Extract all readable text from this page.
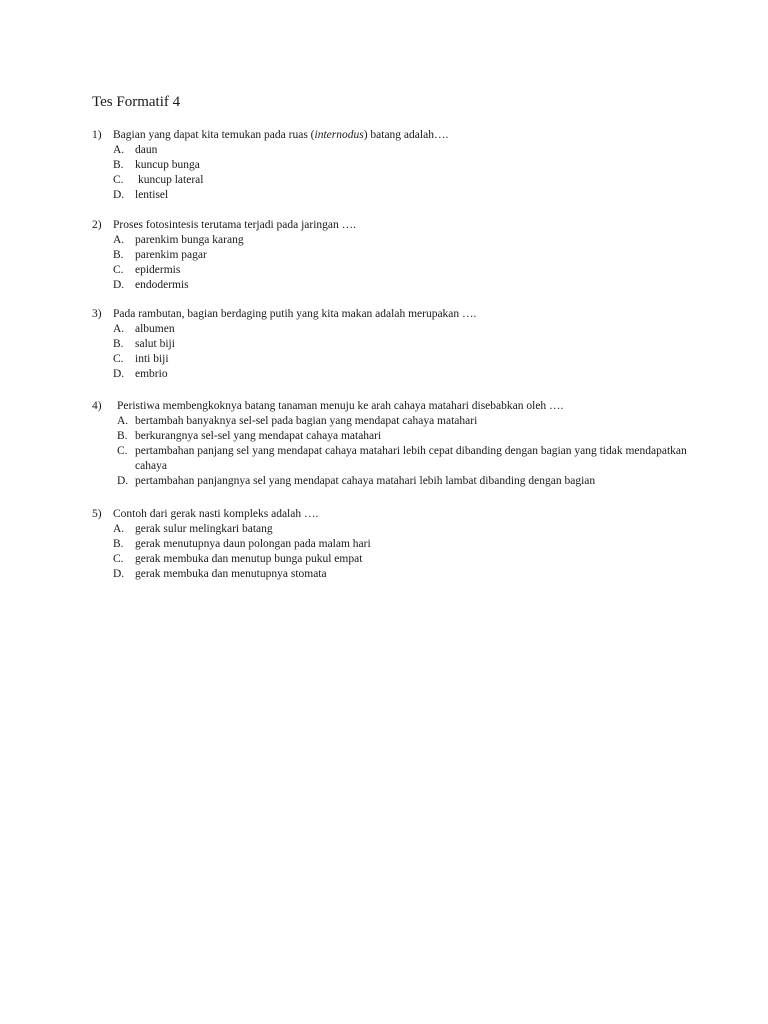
Tes Formatif 4
1) Bagian yang dapat kita temukan pada ruas (internodus) batang adalah….
A. daun
B. kuncup bunga
C. kuncup lateral
D. lentisel
2) Proses fotosintesis terutama terjadi pada jaringan ….
A. parenkim bunga karang
B. parenkim pagar
C. epidermis
D. endodermis
3) Pada rambutan, bagian berdaging putih yang kita makan adalah merupakan ….
A. albumen
B. salut biji
C. inti biji
D. embrio
4) Peristiwa membengkoknya batang tanaman menuju ke arah cahaya matahari disebabkan oleh ….
A. bertambah banyaknya sel-sel pada bagian yang mendapat cahaya matahari
B. berkurangnya sel-sel yang mendapat cahaya matahari
C. pertambahan panjang sel yang mendapat cahaya matahari lebih cepat dibanding dengan bagian yang tidak mendapatkan cahaya
D. pertambahan panjangnya sel yang mendapat cahaya matahari lebih lambat dibanding dengan bagian
5) Contoh dari gerak nasti kompleks adalah ….
A. gerak sulur melingkari batang
B. gerak menutupnya daun polongan pada malam hari
C. gerak membuka dan menutup bunga pukul empat
D. gerak membuka dan menutupnya stomata
